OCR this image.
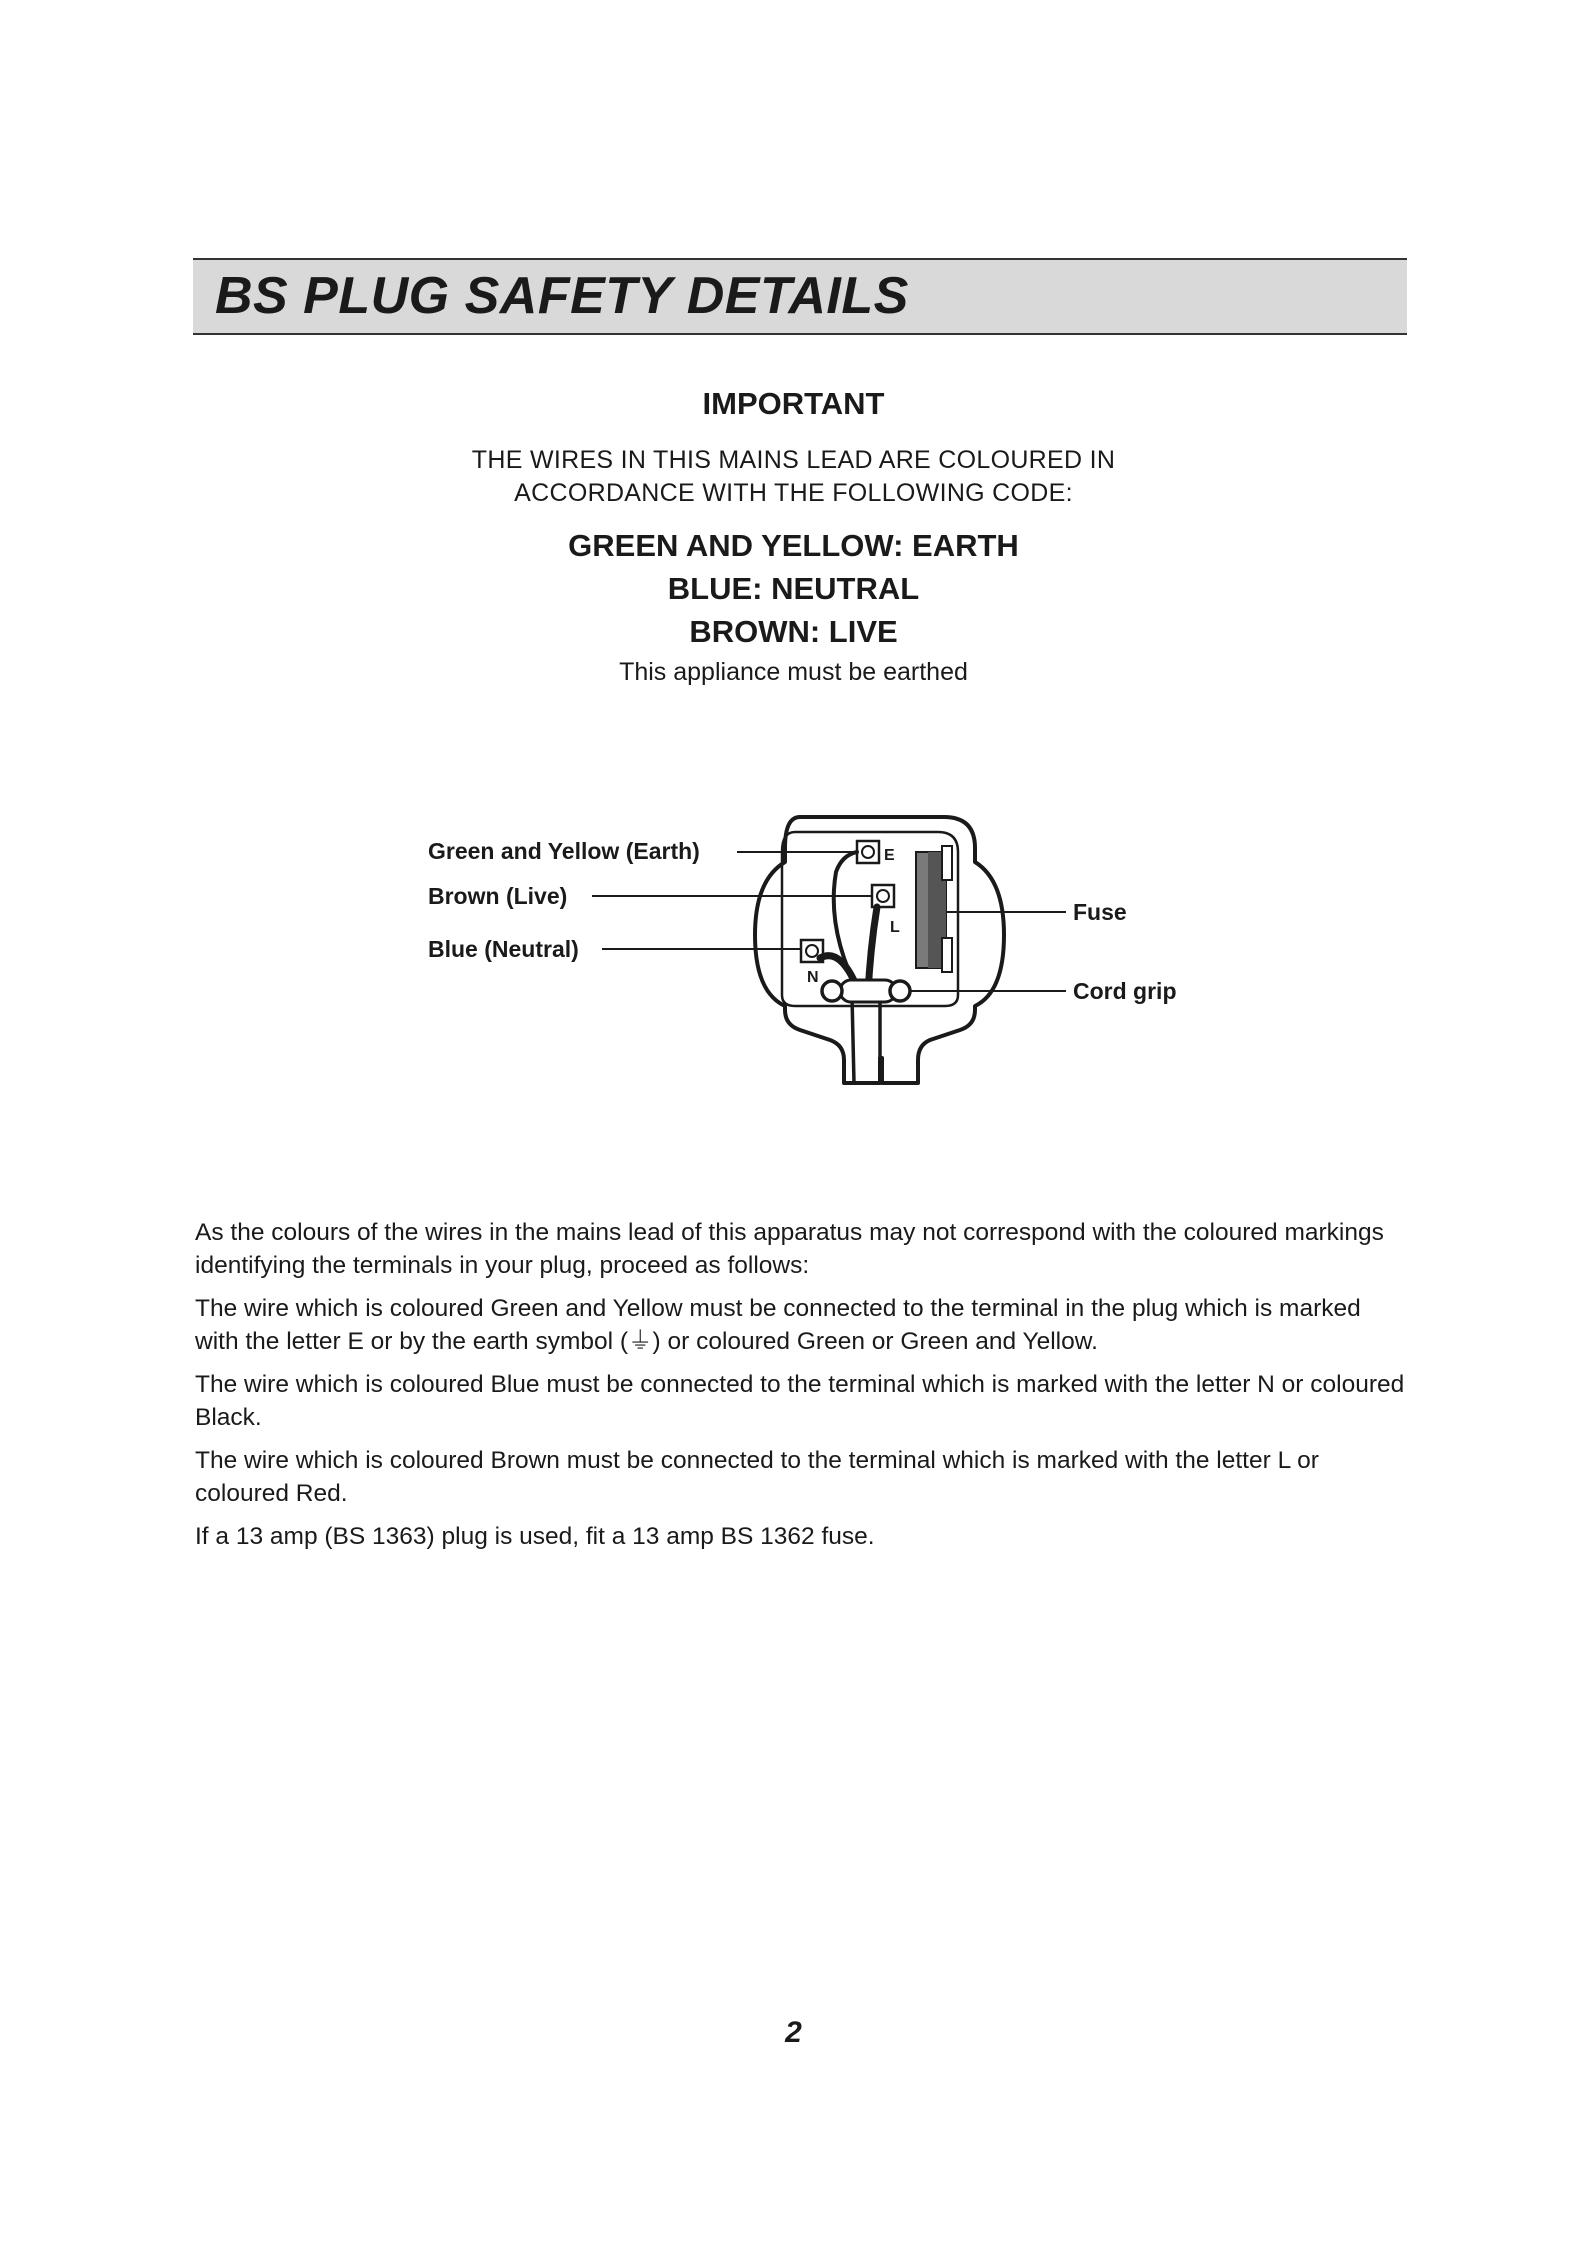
BS PLUG SAFETY DETAILS
IMPORTANT
THE WIRES IN THIS MAINS LEAD ARE COLOURED IN
ACCORDANCE WITH THE FOLLOWING CODE:
GREEN AND YELLOW: EARTH
BLUE: NEUTRAL
BROWN: LIVE
This appliance must be earthed
E
L
N
Green and Yellow (Earth)
Brown (Live)
Blue (Neutral)
Fuse
Cord grip

As the colours of the wires in the mains lead of this apparatus may not correspond with the coloured markings identifying the terminals in your plug, proceed as follows:

The wire which is coloured Green and Yellow must be connected to the terminal in the plug which is marked with the letter E or by the earth symbol (⏚) or coloured Green or Green and Yellow.

The wire which is coloured Blue must be connected to the terminal which is marked with the letter N or coloured Black.

The wire which is coloured Brown must be connected to the terminal which is marked with the letter L or coloured Red.

If a 13 amp (BS 1363) plug is used, fit a 13 amp BS 1362 fuse.

2
